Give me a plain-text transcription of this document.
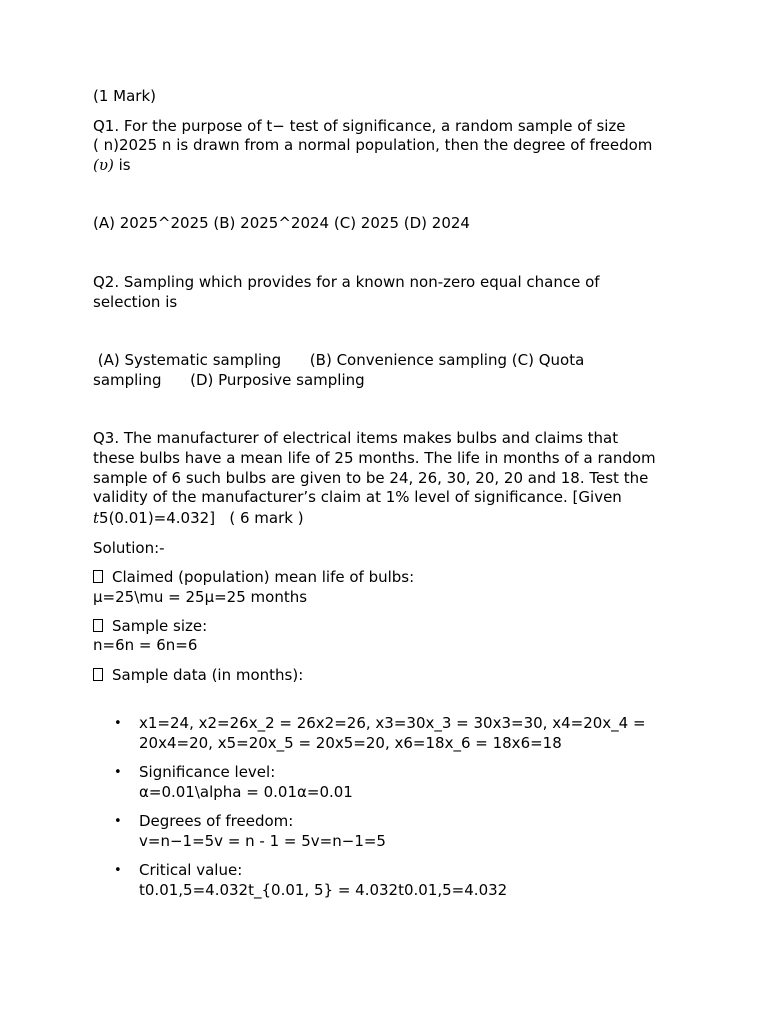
(1 Mark)
Q1. For the purpose of t− test of significance, a random sample of size
( n)2025 n is drawn from a normal population, then the degree of freedom
(υ) is
(A) 2025^2025 (B) 2025^2024 (C) 2025 (D) 2024
Q2. Sampling which provides for a known non-zero equal chance of
selection is
(A) Systematic sampling      (B) Convenience sampling (C) Quota
sampling      (D) Purposive sampling
Q3. The manufacturer of electrical items makes bulbs and claims that
these bulbs have a mean life of 25 months. The life in months of a random
sample of 6 such bulbs are given to be 24, 26, 30, 20, 20 and 18. Test the
validity of the manufacturer’s claim at 1% level of significance. [Given
t5(0.01)=4.032]   ( 6 mark )
Solution:-
Claimed (population) mean life of bulbs:
μ=25\mu = 25μ=25 months
Sample size:
n=6n = 6n=6
Sample data (in months):
• x1=24, x2=26x_2 = 26x2=26, x3=30x_3 = 30x3=30, x4=20x_4 =
20x4=20, x5=20x_5 = 20x5=20, x6=18x_6 = 18x6=18
• Significance level:
α=0.01\alpha = 0.01α=0.01
• Degrees of freedom:
v=n−1=5v = n - 1 = 5v=n−1=5
• Critical value:
t0.01,5=4.032t_{0.01, 5} = 4.032t0.01,5=4.032
